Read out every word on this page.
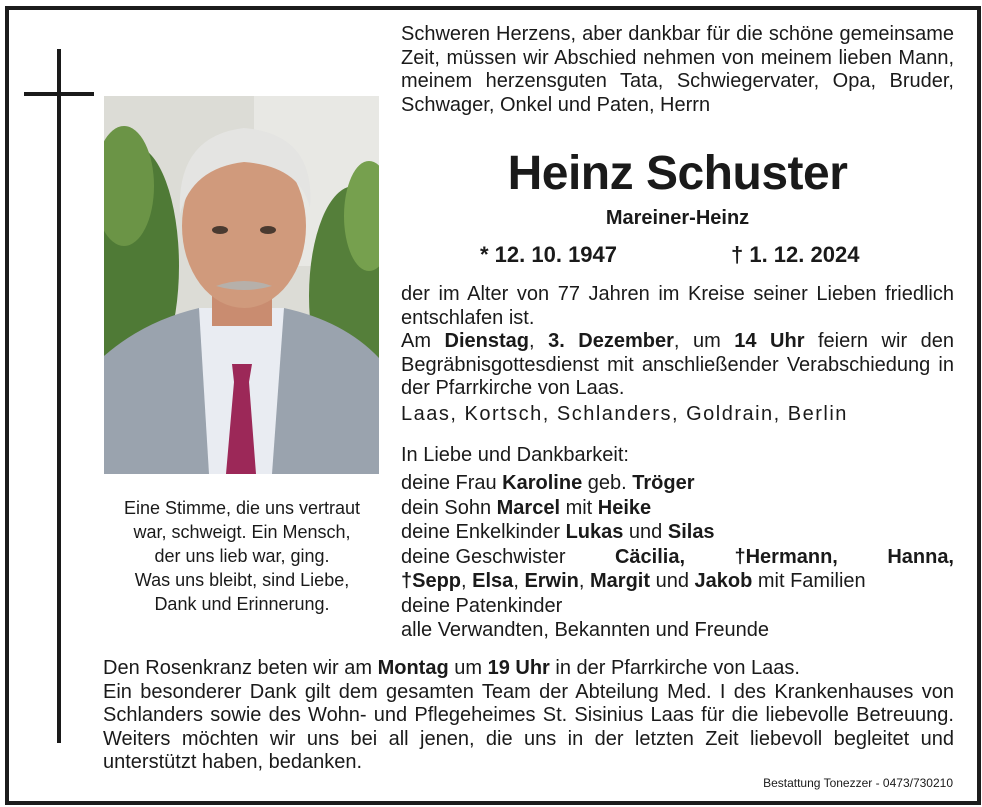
Eine Stimme, die uns vertraut
war, schweigt. Ein Mensch,
der uns lieb war, ging.
Was uns bleibt, sind Liebe,
Dank und Erinnerung.
Schweren Herzens, aber dankbar für die schöne gemeinsame Zeit, müssen wir Abschied nehmen von meinem lieben Mann, meinem herzensguten Tata, Schwiegervater, Opa, Bruder, Schwager, Onkel und Paten, Herrn
Heinz Schuster
Mareiner-Heinz
* 12. 10. 1947	† 1. 12. 2024
der im Alter von 77 Jahren im Kreise seiner Lieben friedlich entschlafen ist.
Am Dienstag, 3. Dezember, um 14 Uhr feiern wir den Begräbnisgottesdienst mit anschließender Verabschiedung in der Pfarrkirche von Laas.
Laas, Kortsch, Schlanders, Goldrain, Berlin
In Liebe und Dankbarkeit:
deine Frau Karoline geb. Tröger
dein Sohn Marcel mit Heike
deine Enkelkinder Lukas und Silas
deine Geschwister Cäcilia, †Hermann, Hanna,
†Sepp, Elsa, Erwin, Margit und Jakob mit Familien
deine Patenkinder
alle Verwandten, Bekannten und Freunde
Den Rosenkranz beten wir am Montag um 19 Uhr in der Pfarrkirche von Laas.
Ein besonderer Dank gilt dem gesamten Team der Abteilung Med. I des Krankenhauses von Schlanders sowie des Wohn- und Pflegeheimes St. Sisinius Laas für die liebevolle Betreuung. Weiters möchten wir uns bei all jenen, die uns in der letzten Zeit liebevoll begleitet und unterstützt haben, bedanken.
Bestattung Tonezzer - 0473/730210
